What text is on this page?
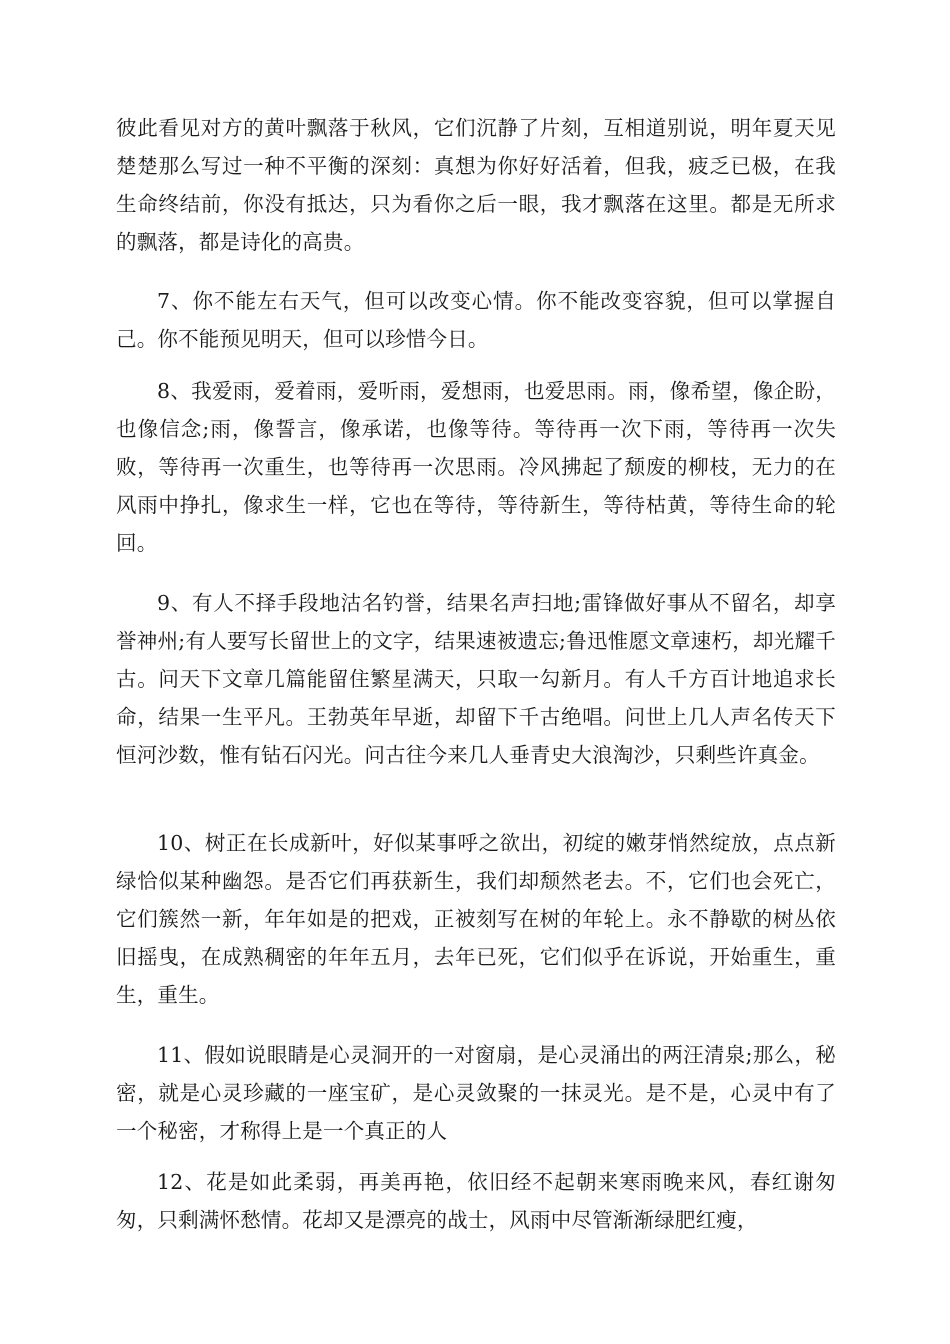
彼此看见对方的黄叶飘落于秋风，它们沉静了片刻，互相道别说，明年夏天见楚楚那么写过一种不平衡的深刻：真想为你好好活着，但我，疲乏已极，在我生命终结前，你没有抵达，只为看你之后一眼，我才飘落在这里。都是无所求的飘落，都是诗化的高贵。

7、你不能左右天气，但可以改变心情。你不能改变容貌，但可以掌握自己。你不能预见明天，但可以珍惜今日。

8、我爱雨，爱着雨，爱听雨，爱想雨，也爱思雨。雨，像希望，像企盼，也像信念;雨，像誓言，像承诺，也像等待。等待再一次下雨，等待再一次失败，等待再一次重生，也等待再一次思雨。冷风拂起了颓废的柳枝，无力的在风雨中挣扎，像求生一样，它也在等待，等待新生，等待枯黄，等待生命的轮回。

9、有人不择手段地沽名钓誉，结果名声扫地;雷锋做好事从不留名，却享誉神州;有人要写长留世上的文字，结果速被遗忘;鲁迅惟愿文章速朽，却光耀千古。问天下文章几篇能留住繁星满天，只取一勾新月。有人千方百计地追求长命，结果一生平凡。王勃英年早逝，却留下千古绝唱。问世上几人声名传天下恒河沙数，惟有钻石闪光。问古往今来几人垂青史大浪淘沙，只剩些许真金。

10、树正在长成新叶，好似某事呼之欲出，初绽的嫩芽悄然绽放，点点新绿恰似某种幽怨。是否它们再获新生，我们却颓然老去。不，它们也会死亡，它们簇然一新，年年如是的把戏，正被刻写在树的年轮上。永不静歇的树丛依旧摇曳，在成熟稠密的年年五月，去年已死，它们似乎在诉说，开始重生，重生，重生。

11、假如说眼睛是心灵洞开的一对窗扇，是心灵涌出的两汪清泉;那么，秘密，就是心灵珍藏的一座宝矿，是心灵敛聚的一抹灵光。是不是，心灵中有了一个秘密，才称得上是一个真正的人

12、花是如此柔弱，再美再艳，依旧经不起朝来寒雨晚来风，春红谢匆匆，只剩满怀愁情。花却又是漂亮的战士，风雨中尽管渐渐绿肥红瘦，
